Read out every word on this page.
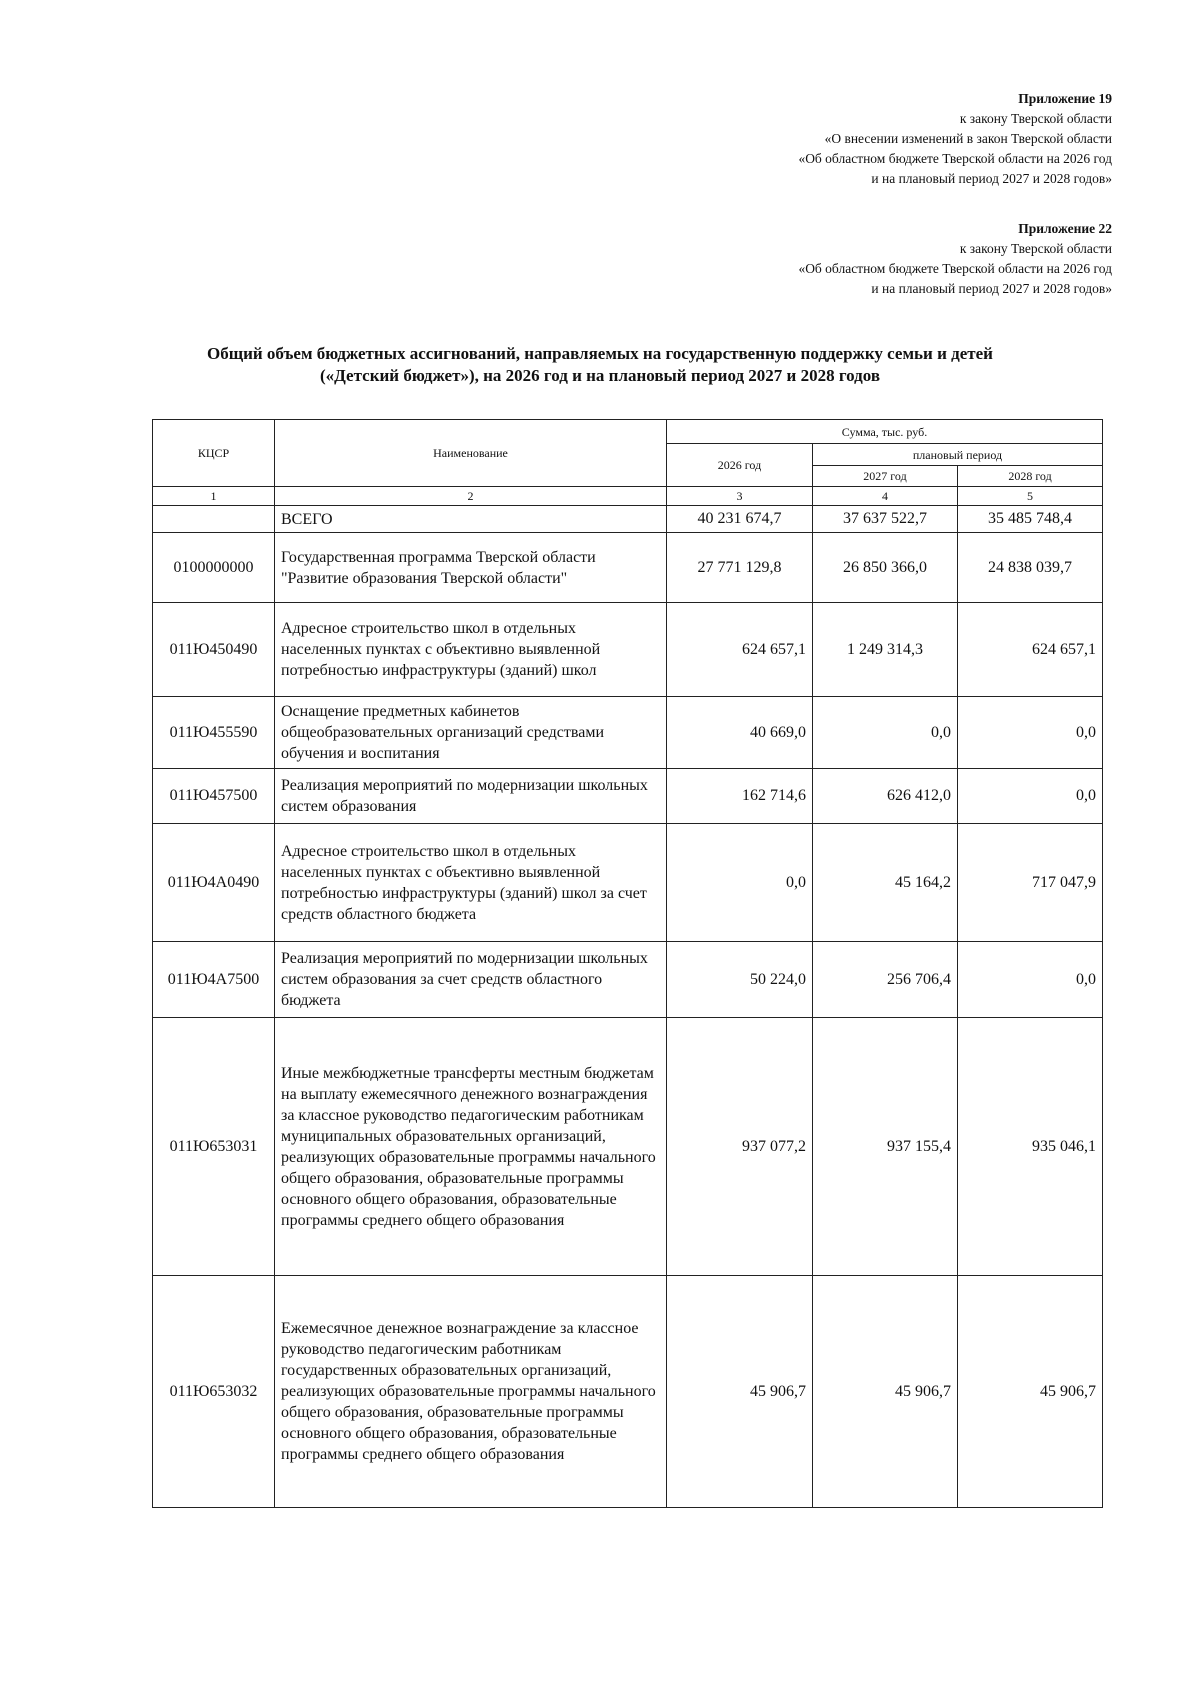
Приложение 19
к закону Тверской области
«О внесении изменений в закон Тверской области
«Об областном бюджете Тверской области на 2026 год
и на плановый период 2027 и 2028 годов»
Приложение 22
к закону Тверской области
«Об областном бюджете Тверской области на 2026 год
и на плановый период 2027 и 2028 годов»
Общий объем бюджетных ассигнований, направляемых на государственную поддержку семьи и детей
(«Детский бюджет»), на 2026 год и на плановый период 2027 и 2028 годов
КЦСР	Наименование	Сумма, тыс. руб.		
		2026 год	плановый период	
			2027 год	2028 год
1	2	3	4	5
	ВСЕГО	40 231 674,7	37 637 522,7	35 485 748,4
0100000000	Государственная программа Тверской области "Развитие образования Тверской области"	27 771 129,8	26 850 366,0	24 838 039,7
011Ю450490	Адресное строительство школ в отдельных населенных пунктах с объективно выявленной потребностью инфраструктуры (зданий) школ	624 657,1	1 249 314,3	624 657,1
011Ю455590	Оснащение предметных кабинетов общеобразовательных организаций средствами обучения и воспитания	40 669,0	0,0	0,0
011Ю457500	Реализация мероприятий по модернизации школьных систем образования	162 714,6	626 412,0	0,0
011Ю4А0490	Адресное строительство школ в отдельных населенных пунктах с объективно выявленной потребностью инфраструктуры (зданий) школ за счет средств областного бюджета	0,0	45 164,2	717 047,9
011Ю4А7500	Реализация мероприятий по модернизации школьных систем образования за счет средств областного бюджета	50 224,0	256 706,4	0,0
011Ю653031	Иные межбюджетные трансферты местным бюджетам на выплату ежемесячного денежного вознаграждения за классное руководство педагогическим работникам муниципальных образовательных организаций, реализующих образовательные программы начального общего образования, образовательные программы основного общего образования, образовательные программы среднего общего образования	937 077,2	937 155,4	935 046,1
011Ю653032	Ежемесячное денежное вознаграждение за классное руководство педагогическим работникам государственных образовательных организаций, реализующих образовательные программы начального общего образования, образовательные программы основного общего образования, образовательные программы среднего общего образования	45 906,7	45 906,7	45 906,7
